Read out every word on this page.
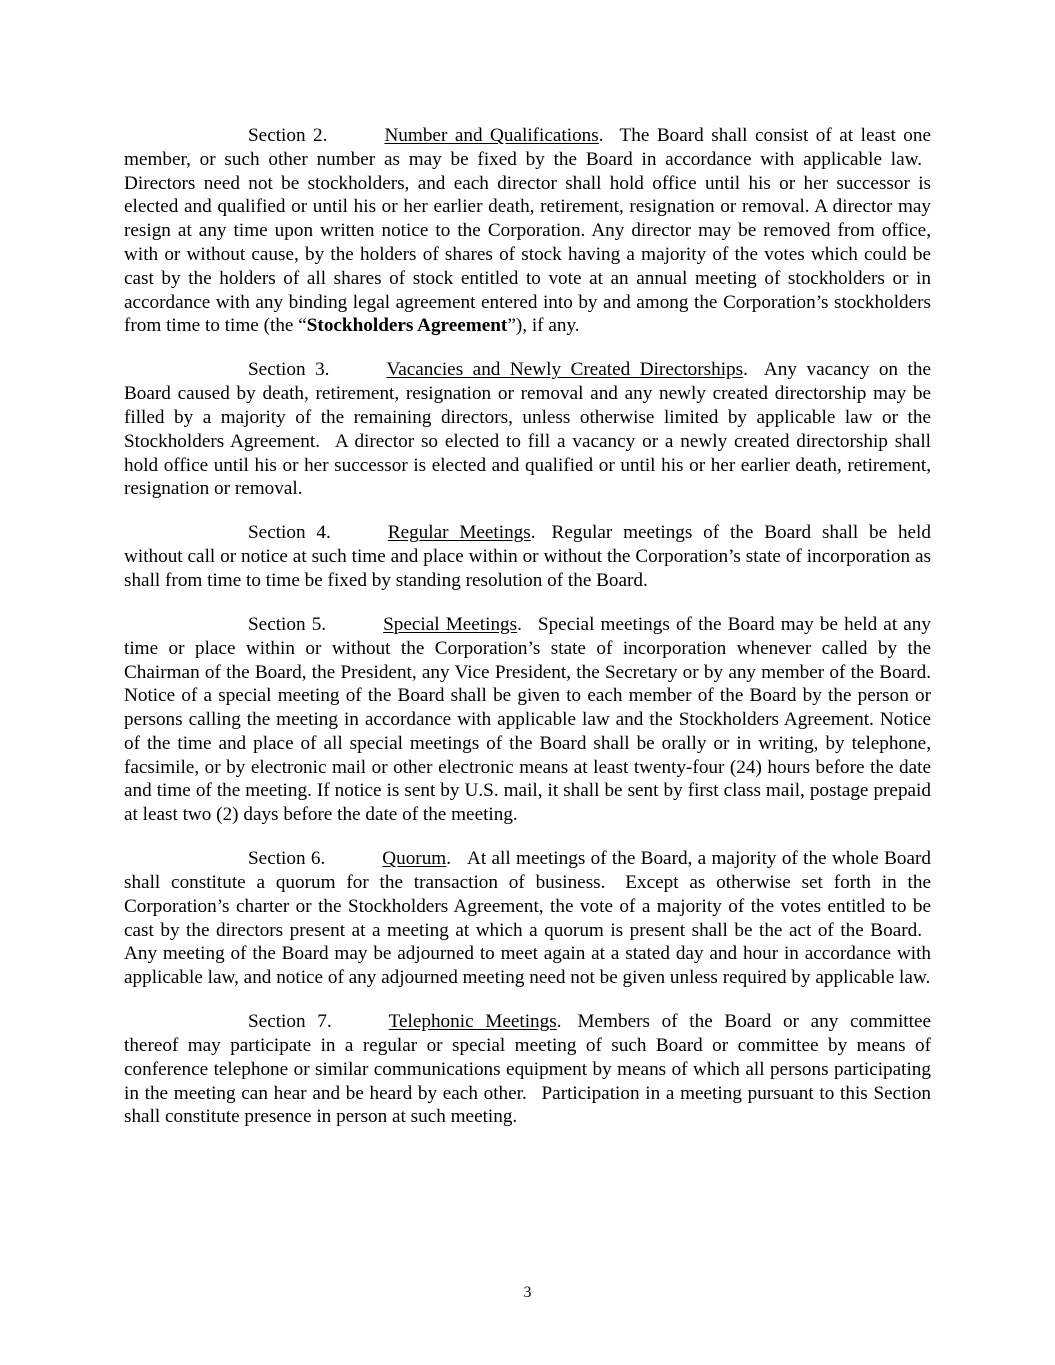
Section 2.	Number and Qualifications. The Board shall consist of at least one member, or such other number as may be fixed by the Board in accordance with applicable law. Directors need not be stockholders, and each director shall hold office until his or her successor is elected and qualified or until his or her earlier death, retirement, resignation or removal. A director may resign at any time upon written notice to the Corporation. Any director may be removed from office, with or without cause, by the holders of shares of stock having a majority of the votes which could be cast by the holders of all shares of stock entitled to vote at an annual meeting of stockholders or in accordance with any binding legal agreement entered into by and among the Corporation’s stockholders from time to time (the “Stockholders Agreement”), if any.

Section 3.	Vacancies and Newly Created Directorships. Any vacancy on the Board caused by death, retirement, resignation or removal and any newly created directorship may be filled by a majority of the remaining directors, unless otherwise limited by applicable law or the Stockholders Agreement. A director so elected to fill a vacancy or a newly created directorship shall hold office until his or her successor is elected and qualified or until his or her earlier death, retirement, resignation or removal.

Section 4.	Regular Meetings. Regular meetings of the Board shall be held without call or notice at such time and place within or without the Corporation’s state of incorporation as shall from time to time be fixed by standing resolution of the Board.

Section 5.	Special Meetings. Special meetings of the Board may be held at any time or place within or without the Corporation’s state of incorporation whenever called by the Chairman of the Board, the President, any Vice President, the Secretary or by any member of the Board. Notice of a special meeting of the Board shall be given to each member of the Board by the person or persons calling the meeting in accordance with applicable law and the Stockholders Agreement. Notice of the time and place of all special meetings of the Board shall be orally or in writing, by telephone, facsimile, or by electronic mail or other electronic means at least twenty-four (24) hours before the date and time of the meeting. If notice is sent by U.S. mail, it shall be sent by first class mail, postage prepaid at least two (2) days before the date of the meeting.

Section 6.	Quorum. At all meetings of the Board, a majority of the whole Board shall constitute a quorum for the transaction of business. Except as otherwise set forth in the Corporation’s charter or the Stockholders Agreement, the vote of a majority of the votes entitled to be cast by the directors present at a meeting at which a quorum is present shall be the act of the Board. Any meeting of the Board may be adjourned to meet again at a stated day and hour in accordance with applicable law, and notice of any adjourned meeting need not be given unless required by applicable law.

Section 7.	Telephonic Meetings. Members of the Board or any committee thereof may participate in a regular or special meeting of such Board or committee by means of conference telephone or similar communications equipment by means of which all persons participating in the meeting can hear and be heard by each other. Participation in a meeting pursuant to this Section shall constitute presence in person at such meeting.

3
